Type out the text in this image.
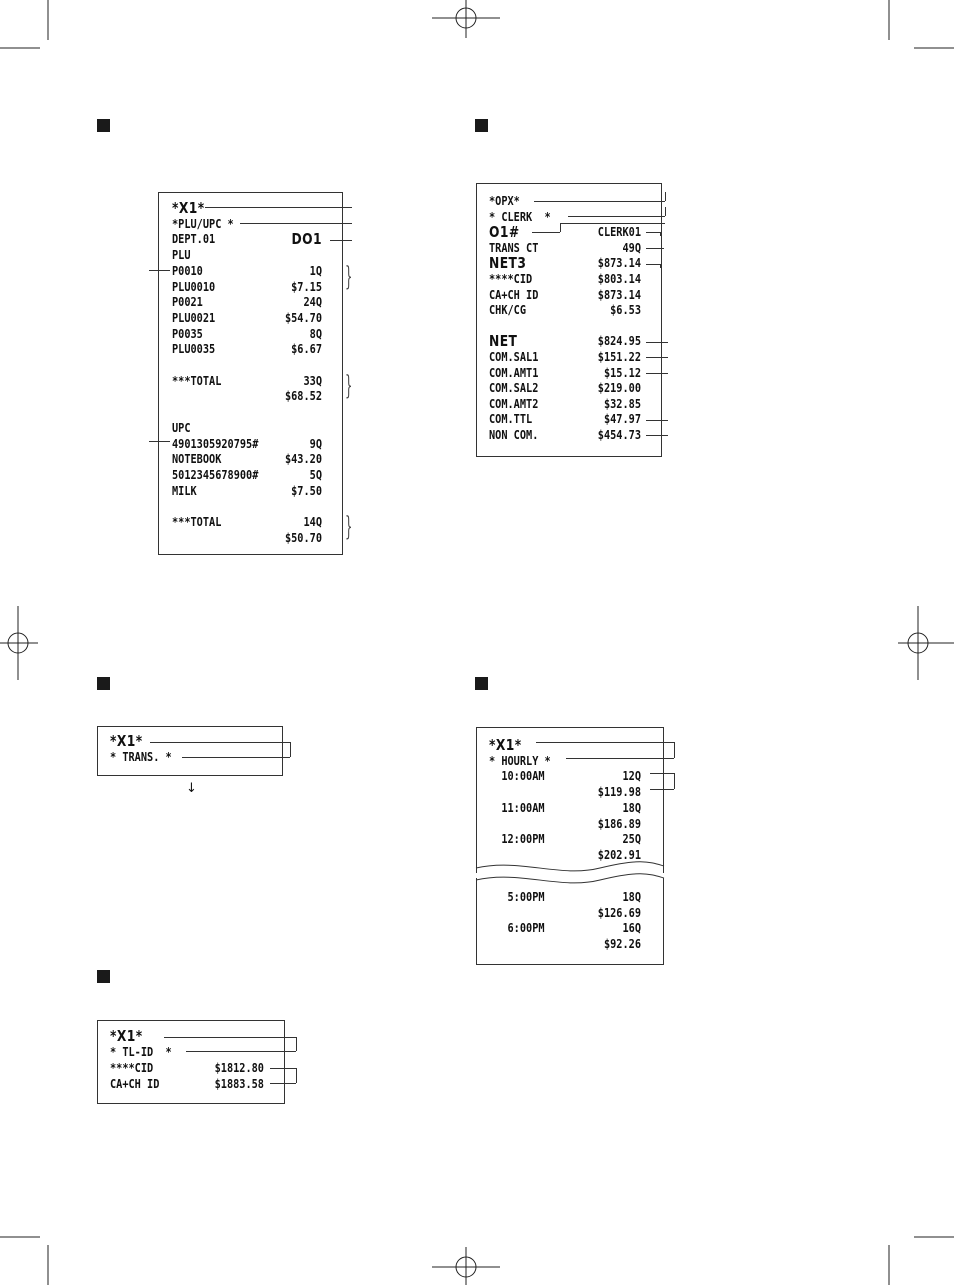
*X1*
*PLU/UPC *
DEPT.01	DO1
PLU
P0010	1Q
PLU0010	$7.15
P0021	24Q
PLU0021	$54.70
P0035	8Q
PLU0035	$6.67
***TOTAL	33Q
$68.52
UPC
4901305920795#	9Q
NOTEBOOK	$43.20
5012345678900#	5Q
MILK	$7.50
***TOTAL	14Q
$50.70
*OPX*
* CLERK  *
O1#	CLERK01
TRANS CT	49Q
NET3	$873.14
****CID	$803.14
CA+CH ID	$873.14
CHK/CG	$6.53
NET	$824.95
COM.SAL1	$151.22
COM.AMT1	$15.12
COM.SAL2	$219.00
COM.AMT2	$32.85
COM.TTL	$47.97
NON COM.	$454.73
*X1*
* TRANS. *
↓
*X1*
* TL-ID  *
****CID	$1812.80
CA+CH ID	$1883.58
*X1*
* HOURLY *
10:00AM	12Q
$119.98
11:00AM	18Q
$186.89
12:00PM	25Q
$202.91
5:00PM	18Q
$126.69
6:00PM	16Q
$92.26
}
}
}
